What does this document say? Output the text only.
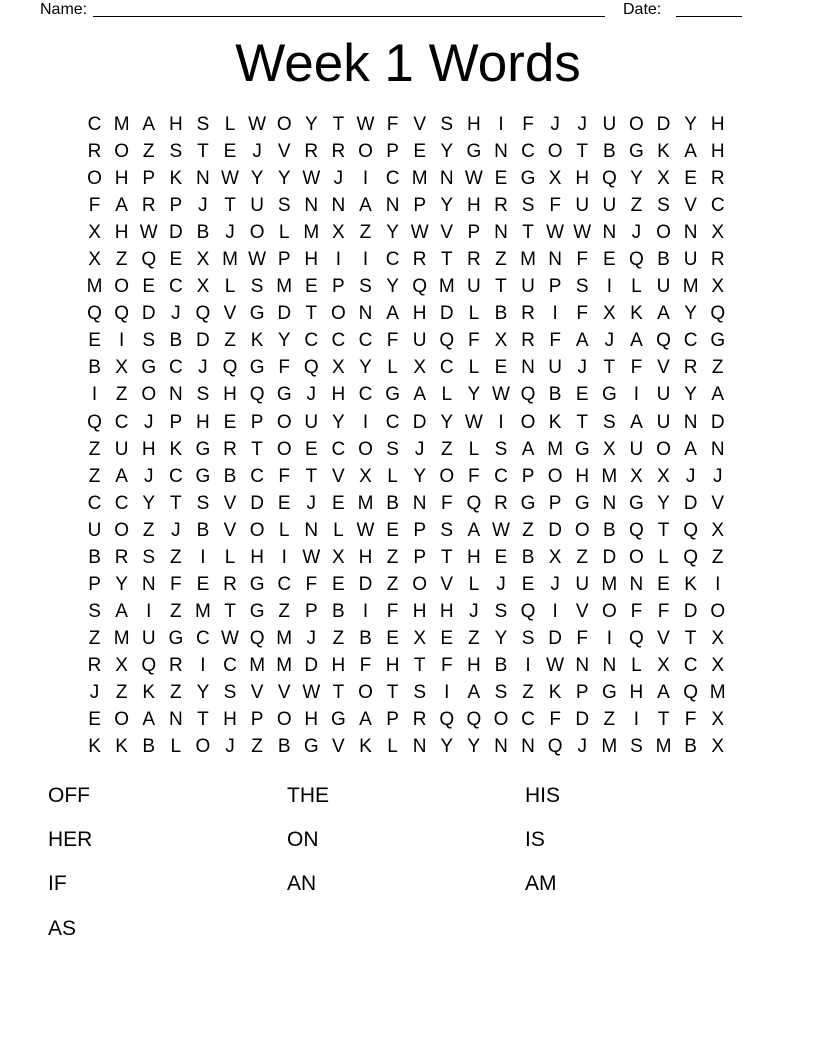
Name:	Date:
Week 1 Words
C M A H S L W O Y T W F V S H I F J J U O D Y H
R O Z S T E J V R R O P E Y G N C O T B G K A H
O H P K N W Y Y W J	I C M N W E G X H Q Y X E R
F A R P J T U S N N A N P Y H R S F U U Z S V C
X H W D B J O L M X Z Y W V P N T W W N J O N X
X Z Q E X M W P H I	I C R T R Z M N F E Q B U R
M O E C X L S M E P S Y Q M U T U P S I	L U M X
Q Q D J Q V G D T O N A H D L B R I F X K A Y Q
E I S B D Z K Y C C C F U Q F X R F A J A Q C G
B X G C J Q G F Q X Y L X C L E N U J T F V R Z
I Z O N S H Q G J H C G A L Y W Q B E G I U Y A
Q C J P H E P O U Y I C D Y W I O K T S A U N D
Z U H K G R T O E C O S J Z L S A M G X U O A N
Z A J C G B C F T V X L Y O F C P O H M X X J J
C C Y T S V D E J E M B N F Q R G P G N G Y D V
U O Z J B V O L N L W E P S A W Z D O B Q T Q X
B R S Z I	L H I W X H Z P T H E B X Z D O L Q Z
P Y N F E R G C F E D Z O V L J E J U M N E K I
S A I Z M T G Z P B I F H H J S Q I V O F F D O
Z M U G C W Q M J Z B E X E Z Y S D F I Q V T X
R X Q R I C M M D H F H T F H B I W N N L X C X
J Z K Z Y S V V W T O T S I A S Z K P G H A Q M
E O A N T H P O H G A P R Q Q O C F D Z I T F X
K K B L O J Z B G V K L N Y Y N N Q J M S M B X
OFF	THE	HIS
HER	ON	IS
IF	AN	AM
AS
